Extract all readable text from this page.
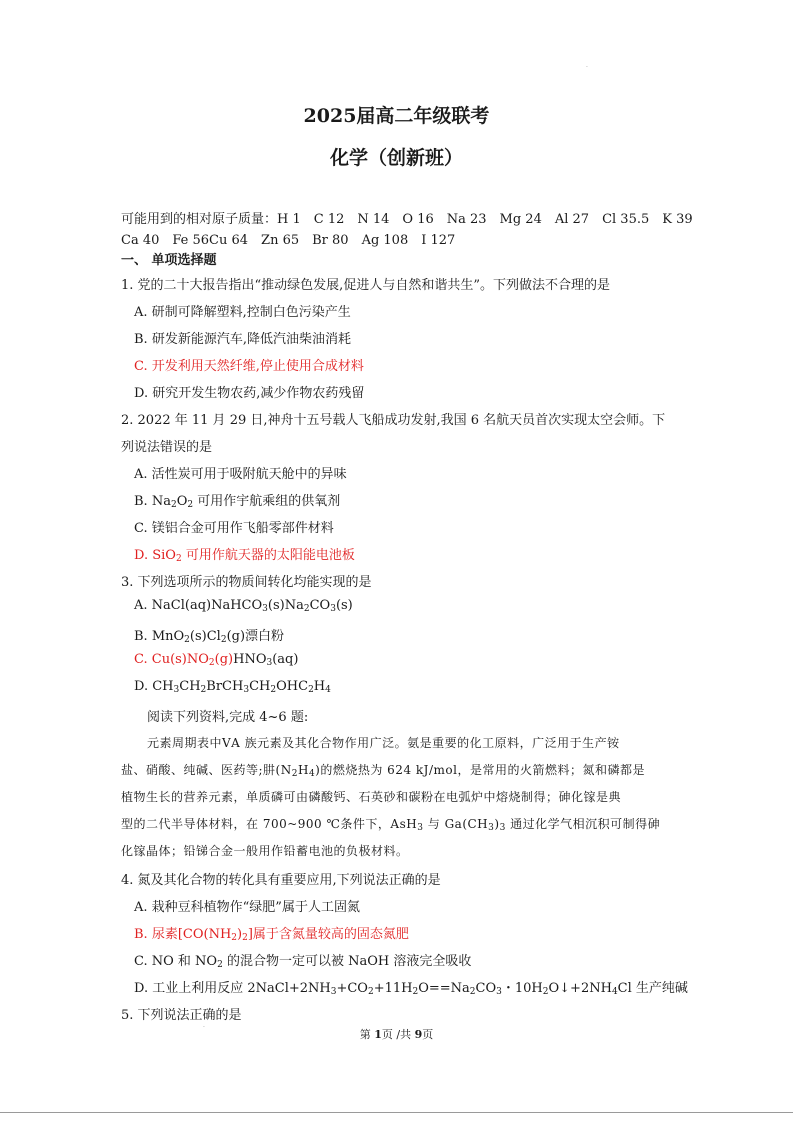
.
2025届高二年级联考
化学（创新班）
可能用到的相对原子质量：H 1　C 12　N 14　O 16　Na 23　Mg 24　Al 27　Cl 35.5　K 39
Ca 40　Fe 56Cu 64　Zn 65　Br 80　Ag 108　I 127
一、 单项选择题
1. 党的二十大报告指出“推动绿色发展,促进人与自然和谐共生”。下列做法不合理的是
A. 研制可降解塑料,控制白色污染产生
B. 研发新能源汽车,降低汽油柴油消耗
C. 开发利用天然纤维,停止使用合成材料
D. 研究开发生物农药,减少作物农药残留
2. 2022 年 11 月 29 日,神舟十五号载人飞船成功发射,我国 6 名航天员首次实现太空会师。下
列说法错误的是
A. 活性炭可用于吸附航天舱中的异味
B. $Na_2O_2$ 可用作宇航乘组的供氧剂
C. 镁铝合金可用作飞船零部件材料
D. SiO$_2$ 可用作航天器的太阳能电池板
3. 下列选项所示的物质间转化均能实现的是
A. $NaCl(aq)NaHCO_3(s)Na_2CO_3(s)$
B. $MnO_2(s)Cl_2(g)$漂白粉
C. $Cu(s)NO_2(g)HNO_3(aq)$
D. $CH_3CH_2BrCH_3CH_2OHC_2H_4$
阅读下列资料,完成 4~6 题:
元素周期表中ⅤA 族元素及其化合物作用广泛。氨是重要的化工原料，广泛用于生产铵
盐、硝酸、纯碱、医药等;肼$(N_2H_4)$的燃烧热为 624 kJ/mol，是常用的火箭燃料；氮和磷都是
植物生长的营养元素，单质磷可由磷酸钙、石英砂和碳粉在电弧炉中熔烧制得；砷化镓是典
型的二代半导体材料，在 700~900 ℃条件下，AsH$_3$ 与 $Ga(CH_3)_3$ 通过化学气相沉积可制得砷
化镓晶体；铅锑合金一般用作铅蓄电池的负极材料。
4. 氮及其化合物的转化具有重要应用,下列说法正确的是
A. 栽种豆科植物作“绿肥”属于人工固氮
B. 尿素$[CO(NH_2)_2]$属于含氮量较高的固态氮肥
C. NO 和 $NO_2$ 的混合物一定可以被 NaOH 溶液完全吸收
D. 工业上利用反应 $2NaCl+2NH_3+CO_2+11H_2O==Na_2CO_3$・$10H_2O↓+2NH_4Cl$ 生产纯碱
5. 下列说法正确的是
.
第 1页 /共 9页
